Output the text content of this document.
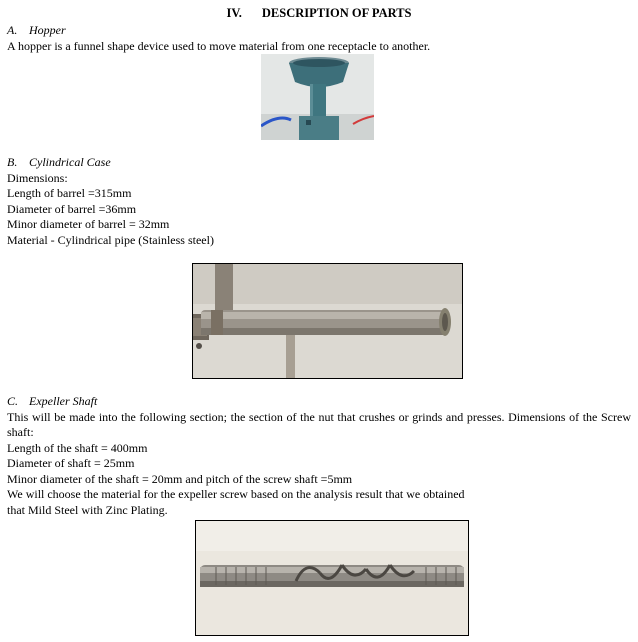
IV. DESCRIPTION OF PARTS
A. Hopper
A hopper is a funnel shape device used to move material from one receptacle to another.
B. Cylindrical Case
Dimensions:
Length of barrel =315mm
Diameter of barrel =36mm
Minor diameter of barrel = 32mm
Material - Cylindrical pipe (Stainless steel)
C. Expeller Shaft
This will be made into the following section; the section of the nut that crushes or grinds and presses. Dimensions of the Screw shaft:
Length of the shaft = 400mm
Diameter of shaft = 25mm
Minor diameter of the shaft = 20mm and pitch of the screw shaft =5mm
We will choose the material for the expeller screw based on the analysis result that we obtained
that Mild Steel with Zinc Plating.
